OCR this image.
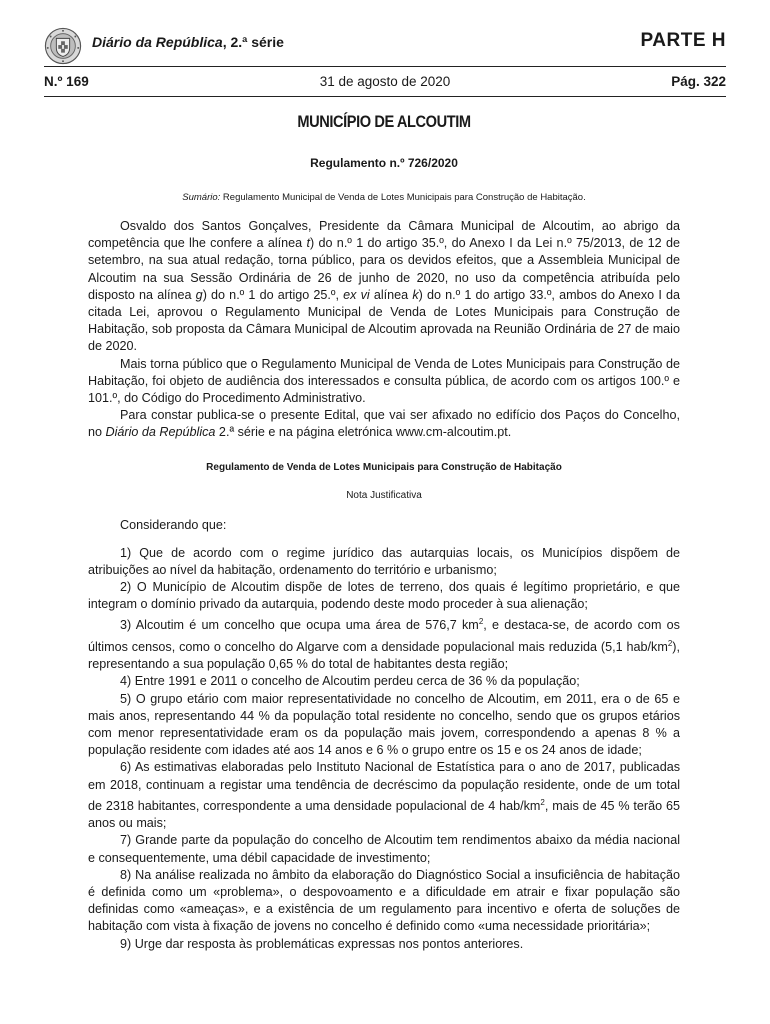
Diário da República, 2.ª série	PARTE H
N.º 169	31 de agosto de 2020	Pág. 322
MUNICÍPIO DE ALCOUTIM
Regulamento n.º 726/2020
Sumário: Regulamento Municipal de Venda de Lotes Municipais para Construção de Habitação.

Osvaldo dos Santos Gonçalves, Presidente da Câmara Municipal de Alcoutim, ao abrigo da competência que lhe confere a alínea t) do n.º 1 do artigo 35.º, do Anexo I da Lei n.º 75/2013, de 12 de setembro, na sua atual redação, torna público, para os devidos efeitos, que a Assembleia Municipal de Alcoutim na sua Sessão Ordinária de 26 de junho de 2020, no uso da competência atribuída pelo disposto na alínea g) do n.º 1 do artigo 25.º, ex vi alínea k) do n.º 1 do artigo 33.º, ambos do Anexo I da citada Lei, aprovou o Regulamento Municipal de Venda de Lotes Municipais para Construção de Habitação, sob proposta da Câmara Municipal de Alcoutim aprovada na Reunião Ordinária de 27 de maio de 2020.

Mais torna público que o Regulamento Municipal de Venda de Lotes Municipais para Construção de Habitação, foi objeto de audiência dos interessados e consulta pública, de acordo com os artigos 100.º e 101.º, do Código do Procedimento Administrativo.

Para constar publica-se o presente Edital, que vai ser afixado no edifício dos Paços do Concelho, no Diário da República 2.ª série e na página eletrónica www.cm-alcoutim.pt.

Regulamento de Venda de Lotes Municipais para Construção de Habitação
Nota Justificativa
Considerando que:

1) Que de acordo com o regime jurídico das autarquias locais, os Municípios dispõem de atribuições ao nível da habitação, ordenamento do território e urbanismo;

2) O Município de Alcoutim dispõe de lotes de terreno, dos quais é legítimo proprietário, e que integram o domínio privado da autarquia, podendo deste modo proceder à sua alienação;

3) Alcoutim é um concelho que ocupa uma área de 576,7 $km^2$, e destaca-se, de acordo com os últimos censos, como o concelho do Algarve com a densidade populacional mais reduzida (5,1 hab/$km^2$), representando a sua população 0,65 % do total de habitantes desta região;

4) Entre 1991 e 2011 o concelho de Alcoutim perdeu cerca de 36 % da população;

5) O grupo etário com maior representatividade no concelho de Alcoutim, em 2011, era o de 65 e mais anos, representando 44 % da população total residente no concelho, sendo que os grupos etários com menor representatividade eram os da população mais jovem, correspondendo a apenas 8 % a população residente com idades até aos 14 anos e 6 % o grupo entre os 15 e os 24 anos de idade;

6) As estimativas elaboradas pelo Instituto Nacional de Estatística para o ano de 2017, publicadas em 2018, continuam a registar uma tendência de decréscimo da população residente, onde de um total de 2318 habitantes, correspondente a uma densidade populacional de 4 hab/$km^2$, mais de 45 % terão 65 anos ou mais;

7) Grande parte da população do concelho de Alcoutim tem rendimentos abaixo da média nacional e consequentemente, uma débil capacidade de investimento;

8) Na análise realizada no âmbito da elaboração do Diagnóstico Social a insuficiência de habitação é definida como um «problema», o despovoamento e a dificuldade em atrair e fixar população são definidas como «ameaças», e a existência de um regulamento para incentivo e oferta de soluções de habitação com vista à fixação de jovens no concelho é definido como «uma necessidade prioritária»;

9) Urge dar resposta às problemáticas expressas nos pontos anteriores.
